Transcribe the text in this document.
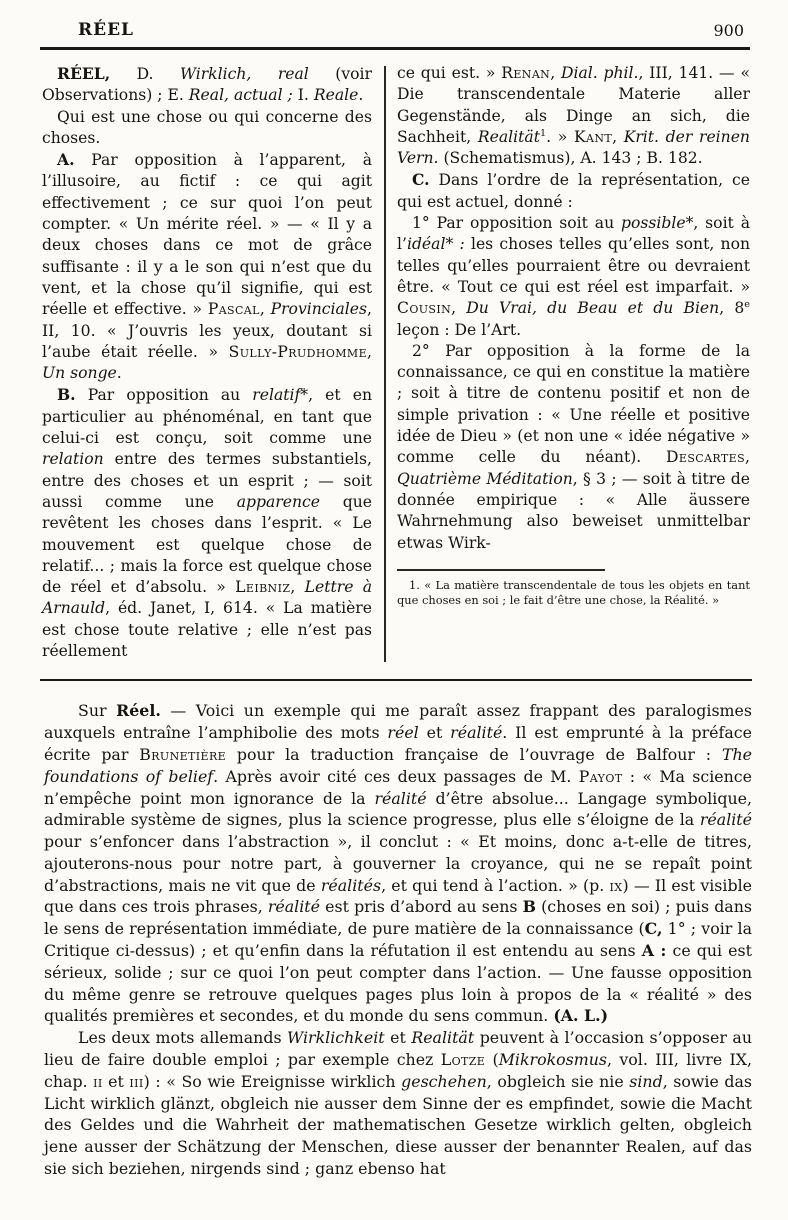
RÉEL	900

RÉEL, D. Wirklich, real (voir Observations) ; E. Real, actual ; I. Reale.

Qui est une chose ou qui concerne des choses.

A. Par opposition à l’apparent, à l’illusoire, au fictif : ce qui agit effectivement ; ce sur quoi l’on peut compter. « Un mérite réel. » — « Il y a deux choses dans ce mot de grâce suffisante : il y a le son qui n’est que du vent, et la chose qu’il signifie, qui est réelle et effective. » Pascal, Provinciales, II, 10. « J’ouvris les yeux, doutant si l’aube était réelle. » Sully-Prudhomme, Un songe.

B. Par opposition au relatif*, et en particulier au phénoménal, en tant que celui-ci est conçu, soit comme une relation entre des termes substantiels, entre des choses et un esprit ; — soit aussi comme une apparence que revêtent les choses dans l’esprit. « Le mouvement est quelque chose de relatif... ; mais la force est quelque chose de réel et d’absolu. » Leibniz, Lettre à Arnauld, éd. Janet, I, 614. « La matière est chose toute relative ; elle n’est pas réellement

ce qui est. » Renan, Dial. phil., III, 141. — « Die transcendentale Materie aller Gegenstände, als Dinge an sich, die Sachheit, Realität$^1$. » Kant, Krit. der reinen Vern. (Schematismus), A. 143 ; B. 182.

C. Dans l’ordre de la représentation, ce qui est actuel, donné :

1° Par opposition soit au possible*, soit à l’idéal* : les choses telles qu’elles sont, non telles qu’elles pourraient être ou devraient être. « Tout ce qui est réel est imparfait. » Cousin, Du Vrai, du Beau et du Bien, 8e leçon : De l’Art.

2° Par opposition à la forme de la connaissance, ce qui en constitue la matière ; soit à titre de contenu positif et non de simple privation : « Une réelle et positive idée de Dieu » (et non une « idée négative » comme celle du néant). Descartes, Quatrième Méditation, § 3 ; — soit à titre de donnée empirique : « Alle äussere Wahrnehmung also beweiset unmittelbar etwas Wirk-

1. « La matière transcendentale de tous les objets en tant que choses en soi ; le fait d’être une chose, la Réalité. »

Sur Réel. — Voici un exemple qui me paraît assez frappant des paralogismes auxquels entraîne l’amphibolie des mots réel et réalité. Il est emprunté à la préface écrite par Brunetière pour la traduction française de l’ouvrage de Balfour : The foundations of belief. Après avoir cité ces deux passages de M. Payot : « Ma science n’empêche point mon ignorance de la réalité d’être absolue... Langage symbolique, admirable système de signes, plus la science progresse, plus elle s’éloigne de la réalité pour s’enfoncer dans l’abstraction », il conclut : « Et moins, donc a-t-elle de titres, ajouterons-nous pour notre part, à gouverner la croyance, qui ne se repaît point d’abstractions, mais ne vit que de réalités, et qui tend à l’action. » (p. ix) — Il est visible que dans ces trois phrases, réalité est pris d’abord au sens B (choses en soi) ; puis dans le sens de représentation immédiate, de pure matière de la connaissance (C, 1° ; voir la Critique ci-dessus) ; et qu’enfin dans la réfutation il est entendu au sens A : ce qui est sérieux, solide ; sur ce quoi l’on peut compter dans l’action. — Une fausse opposition du même genre se retrouve quelques pages plus loin à propos de la « réalité » des qualités premières et secondes, et du monde du sens commun. (A. L.)

Les deux mots allemands Wirklichkeit et Realität peuvent à l’occasion s’opposer au lieu de faire double emploi ; par exemple chez Lotze (Mikrokosmus, vol. III, livre IX, chap. ii et iii) : « So wie Ereignisse wirklich geschehen, obgleich sie nie sind, sowie das Licht wirklich glänzt, obgleich nie ausser dem Sinne der es empfindet, sowie die Macht des Geldes und die Wahrheit der mathematischen Gesetze wirklich gelten, obgleich jene ausser der Schätzung der Menschen, diese ausser der benannter Realen, auf das sie sich beziehen, nirgends sind ; ganz ebenso hat
